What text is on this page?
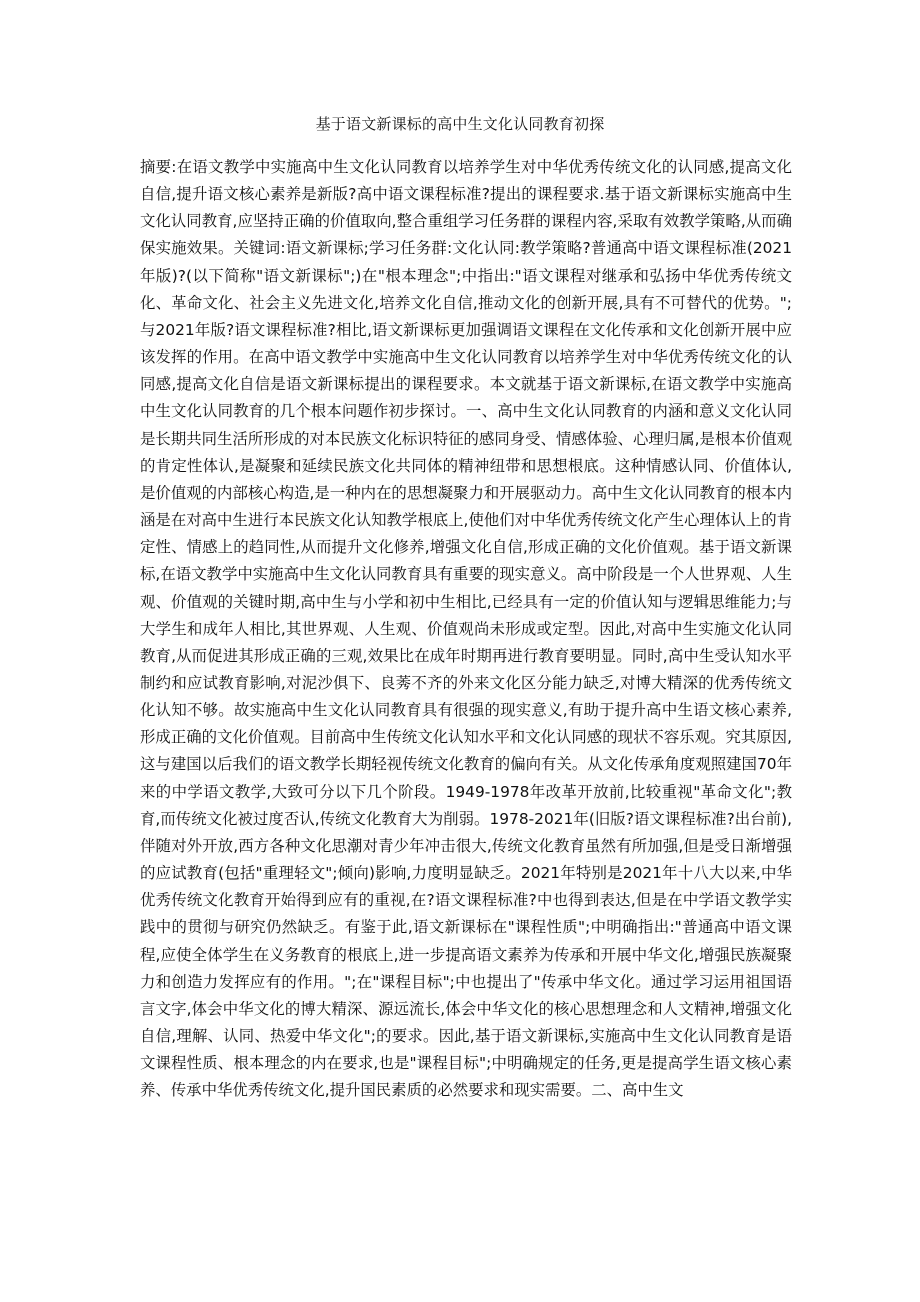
基于语文新课标的高中生文化认同教育初探

摘要:在语文教学中实施高中生文化认同教育以培养学生对中华优秀传统文化的认同感,提高文化自信,提升语文核心素养是新版?高中语文课程标准?提出的课程要求.基于语文新课标实施高中生文化认同教育,应坚持正确的价值取向,整合重组学习任务群的课程内容,采取有效教学策略,从而确保实施效果。关键词:语文新课标;学习任务群:文化认同:教学策略?普通高中语文课程标准(2021年版)?(以下简称"语文新课标";)在"根本理念";中指出:"语文课程对继承和弘扬中华优秀传统文化、革命文化、社会主义先进文化,培养文化自信,推动文化的创新开展,具有不可替代的优势。";与2021年版?语文课程标准?相比,语文新课标更加强调语文课程在文化传承和文化创新开展中应该发挥的作用。在高中语文教学中实施高中生文化认同教育以培养学生对中华优秀传统文化的认同感,提高文化自信是语文新课标提出的课程要求。本文就基于语文新课标,在语文教学中实施高中生文化认同教育的几个根本问题作初步探讨。一、高中生文化认同教育的内涵和意义文化认同是长期共同生活所形成的对本民族文化标识特征的感同身受、情感体验、心理归属,是根本价值观的肯定性体认,是凝聚和延续民族文化共同体的精神纽带和思想根底。这种情感认同、价值体认,是价值观的内部核心构造,是一种内在的思想凝聚力和开展驱动力。高中生文化认同教育的根本内涵是在对高中生进行本民族文化认知教学根底上,使他们对中华优秀传统文化产生心理体认上的肯定性、情感上的趋同性,从而提升文化修养,增强文化自信,形成正确的文化价值观。基于语文新课标,在语文教学中实施高中生文化认同教育具有重要的现实意义。高中阶段是一个人世界观、人生观、价值观的关键时期,高中生与小学和初中生相比,已经具有一定的价值认知与逻辑思维能力;与大学生和成年人相比,其世界观、人生观、价值观尚未形成或定型。因此,对高中生实施文化认同教育,从而促进其形成正确的三观,效果比在成年时期再进行教育要明显。同时,高中生受认知水平制约和应试教育影响,对泥沙俱下、良莠不齐的外来文化区分能力缺乏,对博大精深的优秀传统文化认知不够。故实施高中生文化认同教育具有很强的现实意义,有助于提升高中生语文核心素养,形成正确的文化价值观。目前高中生传统文化认知水平和文化认同感的现状不容乐观。究其原因,这与建国以后我们的语文教学长期轻视传统文化教育的偏向有关。从文化传承角度观照建国70年来的中学语文教学,大致可分以下几个阶段。1949-1978年改革开放前,比较重视"革命文化";教育,而传统文化被过度否认,传统文化教育大为削弱。1978-2021年(旧版?语文课程标准?出台前),伴随对外开放,西方各种文化思潮对青少年冲击很大,传统文化教育虽然有所加强,但是受日渐增强的应试教育(包括"重理轻文";倾向)影响,力度明显缺乏。2021年特别是2021年十八大以来,中华优秀传统文化教育开始得到应有的重视,在?语文课程标准?中也得到表达,但是在中学语文教学实践中的贯彻与研究仍然缺乏。有鉴于此,语文新课标在"课程性质";中明确指出:"普通高中语文课程,应使全体学生在义务教育的根底上,进一步提高语文素养为传承和开展中华文化,增强民族凝聚力和创造力发挥应有的作用。";在"课程目标";中也提出了"传承中华文化。通过学习运用祖国语言文字,体会中华文化的博大精深、源远流长,体会中华文化的核心思想理念和人文精神,增强文化自信,理解、认同、热爱中华文化";的要求。因此,基于语文新课标,实施高中生文化认同教育是语文课程性质、根本理念的内在要求,也是"课程目标";中明确规定的任务,更是提高学生语文核心素养、传承中华优秀传统文化,提升国民素质的必然要求和现实需要。二、高中生文
